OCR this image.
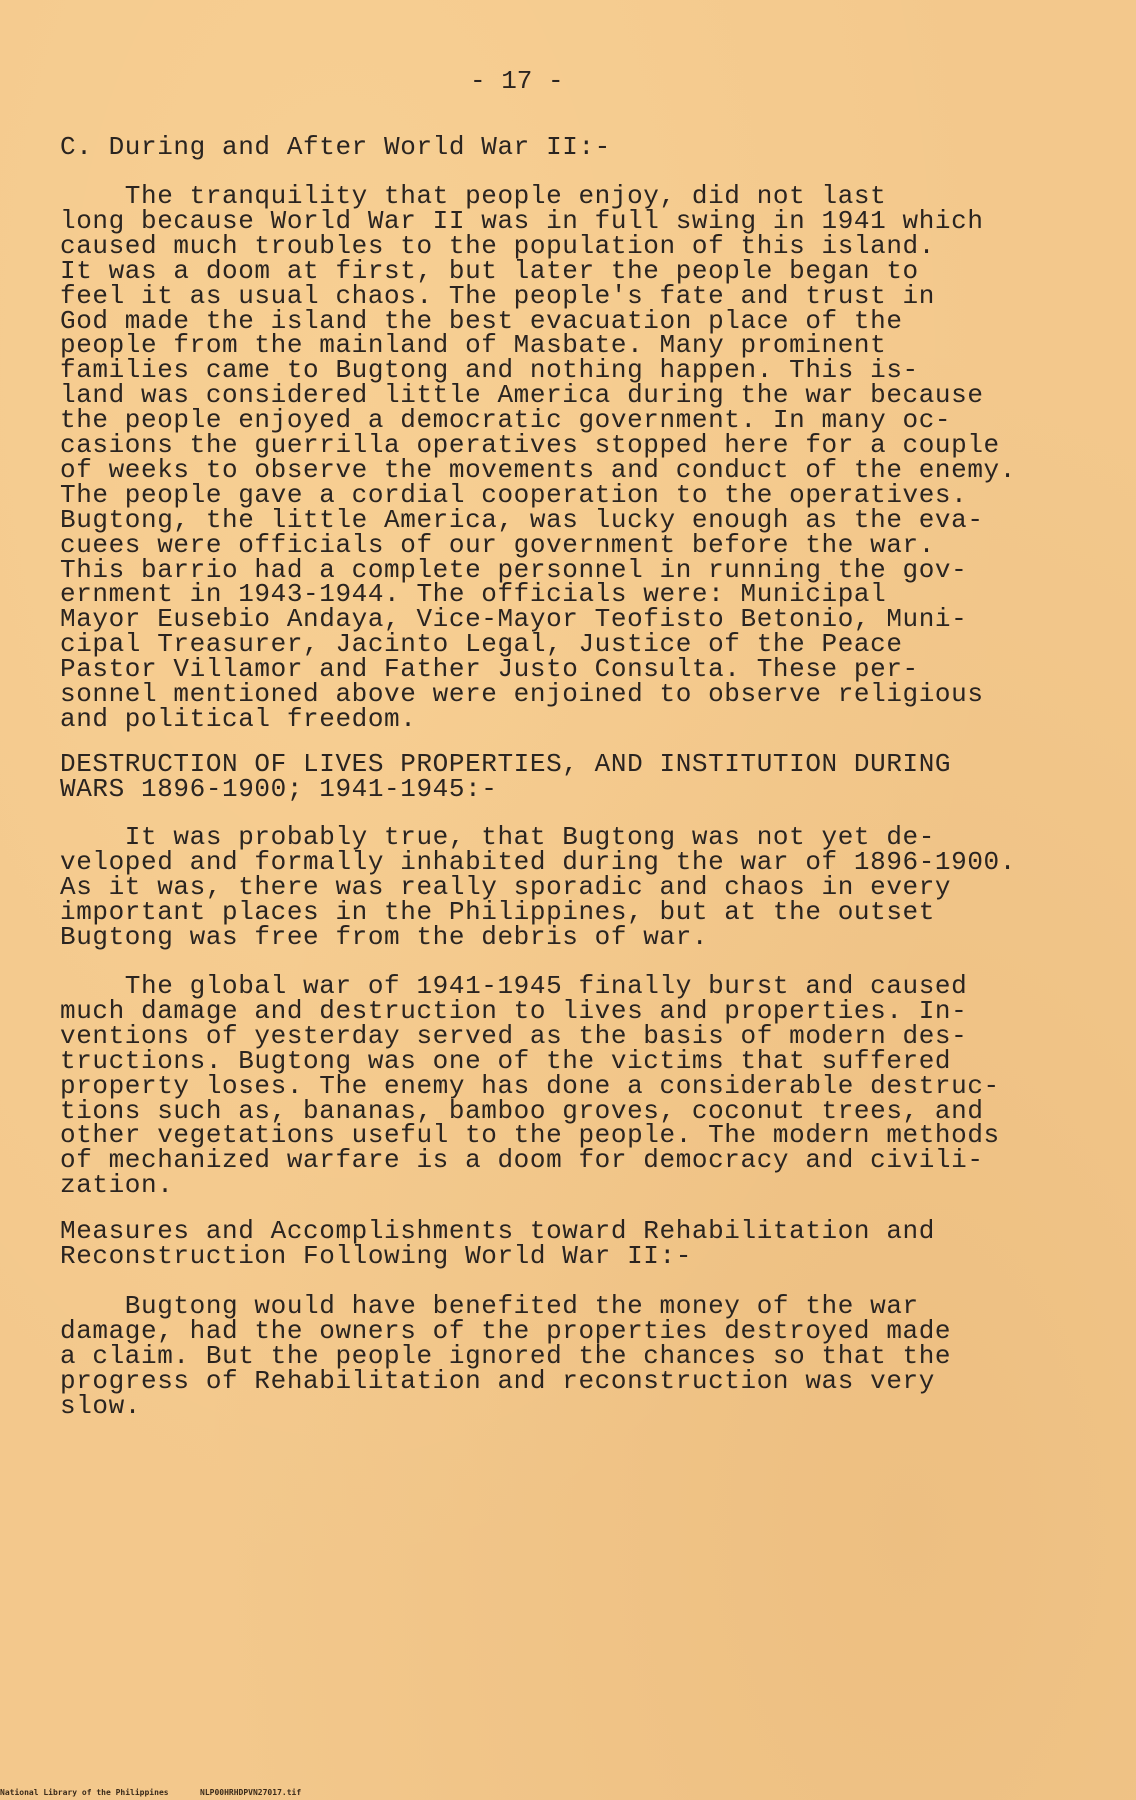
- 17 -
C. During and After World War II:-
The tranquility that people enjoy, did not last
long because World War II was in full swing in 1941 which
caused much troubles to the population of this island.
It was a doom at first, but later the people began to
feel it as usual chaos. The people's fate and trust in
God made the island the best evacuation place of the
people from the mainland of Masbate. Many prominent
families came to Bugtong and nothing happen. This is-
land was considered little America during the war because
the people enjoyed a democratic government. In many oc-
casions the guerrilla operatives stopped here for a couple
of weeks to observe the movements and conduct of the enemy.
The people gave a cordial cooperation to the operatives.
Bugtong, the little America, was lucky enough as the eva-
cuees were officials of our government before the war.
This barrio had a complete personnel in running the gov-
ernment in 1943-1944. The officials were: Municipal
Mayor Eusebio Andaya, Vice-Mayor Teofisto Betonio, Muni-
cipal Treasurer, Jacinto Legal, Justice of the Peace
Pastor Villamor and Father Justo Consulta. These per-
sonnel mentioned above were enjoined to observe religious
and political freedom.
DESTRUCTION OF LIVES PROPERTIES, AND INSTITUTION DURING
WARS 1896-1900; 1941-1945:-
It was probably true, that Bugtong was not yet de-
veloped and formally inhabited during the war of 1896-1900.
As it was, there was really sporadic and chaos in every
important places in the Philippines, but at the outset
Bugtong was free from the debris of war.
The global war of 1941-1945 finally burst and caused
much damage and destruction to lives and properties. In-
ventions of yesterday served as the basis of modern des-
tructions. Bugtong was one of the victims that suffered
property loses. The enemy has done a considerable destruc-
tions such as, bananas, bamboo groves, coconut trees, and
other vegetations useful to the people. The modern methods
of mechanized warfare is a doom for democracy and civili-
zation.
Measures and Accomplishments toward Rehabilitation and
Reconstruction Following World War II:-
Bugtong would have benefited the money of the war
damage, had the owners of the properties destroyed made
a claim. But the people ignored the chances so that the
progress of Rehabilitation and reconstruction was very
slow.
National Library of the Philippines	NLP00HRHDPVN27017.tif
